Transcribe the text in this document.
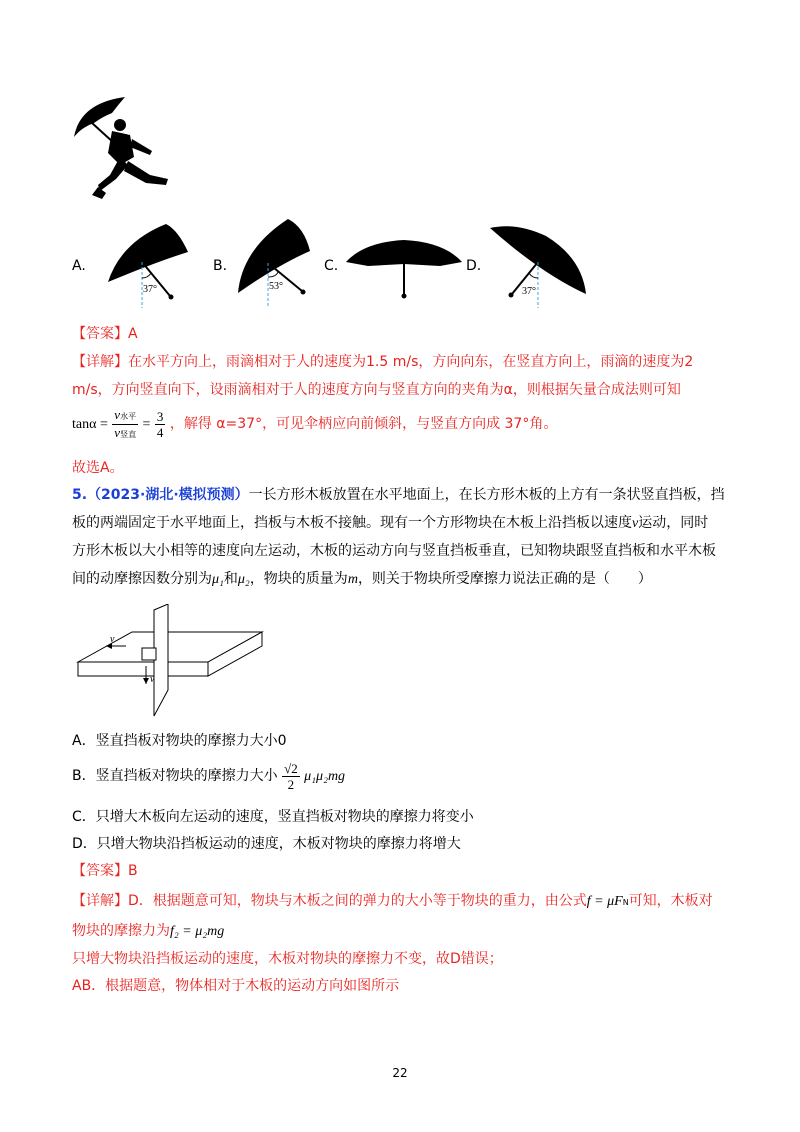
A.
37°
B.
53°
C.	D.
37°
【答案】A
【详解】在水平方向上，雨滴相对于人的速度为1.5 m/s，方向向东，在竖直方向上，雨滴的速度为2
m/s，方向竖直向下，设雨滴相对于人的速度方向与竖直方向的夹角为α，则根据矢量合成法则可知
$\tan\alpha = \frac{\text{v水平}}{\text{v竖直}} = \frac{3}{4}$ ，解得 α=37°，可见伞柄应向前倾斜，与竖直方向成 37°角。
故选A。
5.（2023·湖北·模拟预测）一长方形木板放置在水平地面上，在长方形木板的上方有一条状竖直挡板，挡
板的两端固定于水平地面上，挡板与木板不接触。现有一个方形物块在木板上沿挡板以速度v运动，同时
方形木板以大小相等的速度向左运动，木板的运动方向与竖直挡板垂直，已知物块跟竖直挡板和水平木板
间的动摩擦因数分别为μ₁和μ₂，物块的质量为m，则关于物块所受摩擦力说法正确的是（　　）
v
v
A．竖直挡板对物块的摩擦力大小0
B．竖直挡板对物块的摩擦力大小 $\frac{√2}{2} \mu_1\mu_2mg$
C．只增大木板向左运动的速度，竖直挡板对物块的摩擦力将变小
D．只增大物块沿挡板运动的速度，木板对物块的摩擦力将增大
【答案】B
【详解】D．根据题意可知，物块与木板之间的弹力的大小等于物块的重力，由公式f = μFN可知，木板对
物块的摩擦力为f₂ = μ₂mg
只增大物块沿挡板运动的速度，木板对物块的摩擦力不变，故D错误；
AB．根据题意，物体相对于木板的运动方向如图所示
22
